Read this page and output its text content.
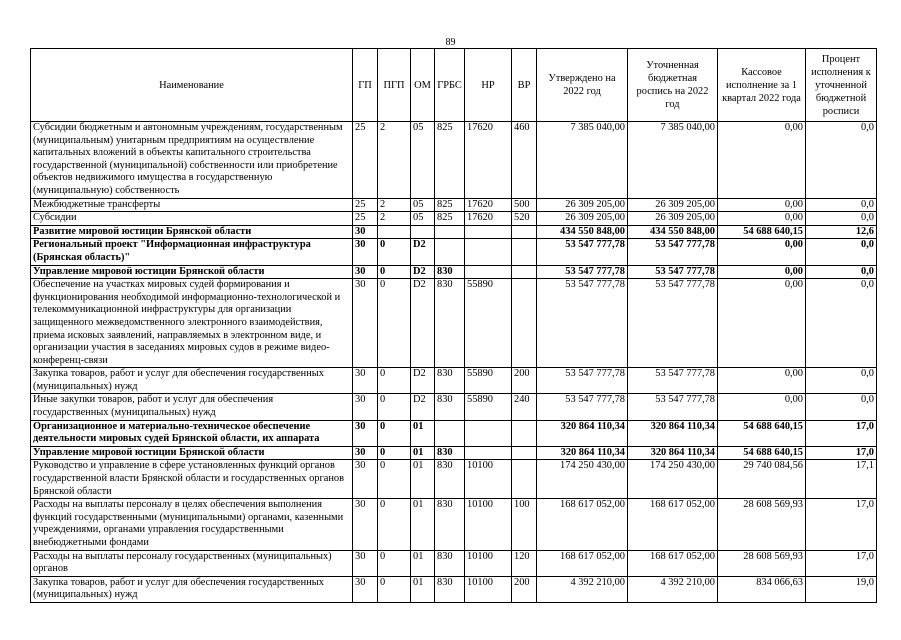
89
Наименование	ГП	ПГП	ОМ	ГРБС	НР	ВР	Утверждено на 2022 год	Уточненная бюджетная роспись на 2022 год	Кассовое исполнение за 1 квартал 2022 года	Процент исполнения к уточненной бюджетной росписи
Субсидии бюджетным и автономным учреждениям, государственным (муниципальным) унитарным предприятиям на осуществление капитальных вложений в объекты капитального строительства государственной (муниципальной) собственности или приобретение объектов недвижимого имущества в государственную (муниципальную) собственность	25	2	05	825	17620	460	7 385 040,00	7 385 040,00	0,00	0,0
Межбюджетные трансферты	25	2	05	825	17620	500	26 309 205,00	26 309 205,00	0,00	0,0
Субсидии	25	2	05	825	17620	520	26 309 205,00	26 309 205,00	0,00	0,0
Развитие мировой юстиции Брянской области	30						434 550 848,00	434 550 848,00	54 688 640,15	12,6
Региональный проект "Информационная инфраструктура (Брянская область)"	30	0	D2				53 547 777,78	53 547 777,78	0,00	0,0
Управление мировой юстиции Брянской области	30	0	D2	830			53 547 777,78	53 547 777,78	0,00	0,0
Обеспечение на участках мировых судей формирования и функционирования необходимой информационно-технологической и телекоммуникационной инфраструктуры для организации защищенного межведомственного электронного взаимодействия, приема исковых заявлений, направляемых в электронном виде, и организации участия в заседаниях мировых судов в режиме видео-конференц-связи	30	0	D2	830	55890		53 547 777,78	53 547 777,78	0,00	0,0
Закупка товаров, работ и услуг для обеспечения государственных (муниципальных) нужд	30	0	D2	830	55890	200	53 547 777,78	53 547 777,78	0,00	0,0
Иные закупки товаров, работ и услуг для обеспечения государственных (муниципальных) нужд	30	0	D2	830	55890	240	53 547 777,78	53 547 777,78	0,00	0,0
Организационное и материально-техническое обеспечение деятельности мировых судей Брянской области, их аппарата	30	0	01				320 864 110,34	320 864 110,34	54 688 640,15	17,0
Управление мировой юстиции Брянской области	30	0	01	830			320 864 110,34	320 864 110,34	54 688 640,15	17,0
Руководство и управление в сфере установленных функций органов государственной власти Брянской области и государственных органов Брянской области	30	0	01	830	10100		174 250 430,00	174 250 430,00	29 740 084,56	17,1
Расходы на выплаты персоналу в целях обеспечения выполнения функций государственными (муниципальными) органами, казенными учреждениями, органами управления государственными внебюджетными фондами	30	0	01	830	10100	100	168 617 052,00	168 617 052,00	28 608 569,93	17,0
Расходы на выплаты персоналу государственных (муниципальных) органов	30	0	01	830	10100	120	168 617 052,00	168 617 052,00	28 608 569,93	17,0
Закупка товаров, работ и услуг для обеспечения государственных (муниципальных) нужд	30	0	01	830	10100	200	4 392 210,00	4 392 210,00	834 066,63	19,0
